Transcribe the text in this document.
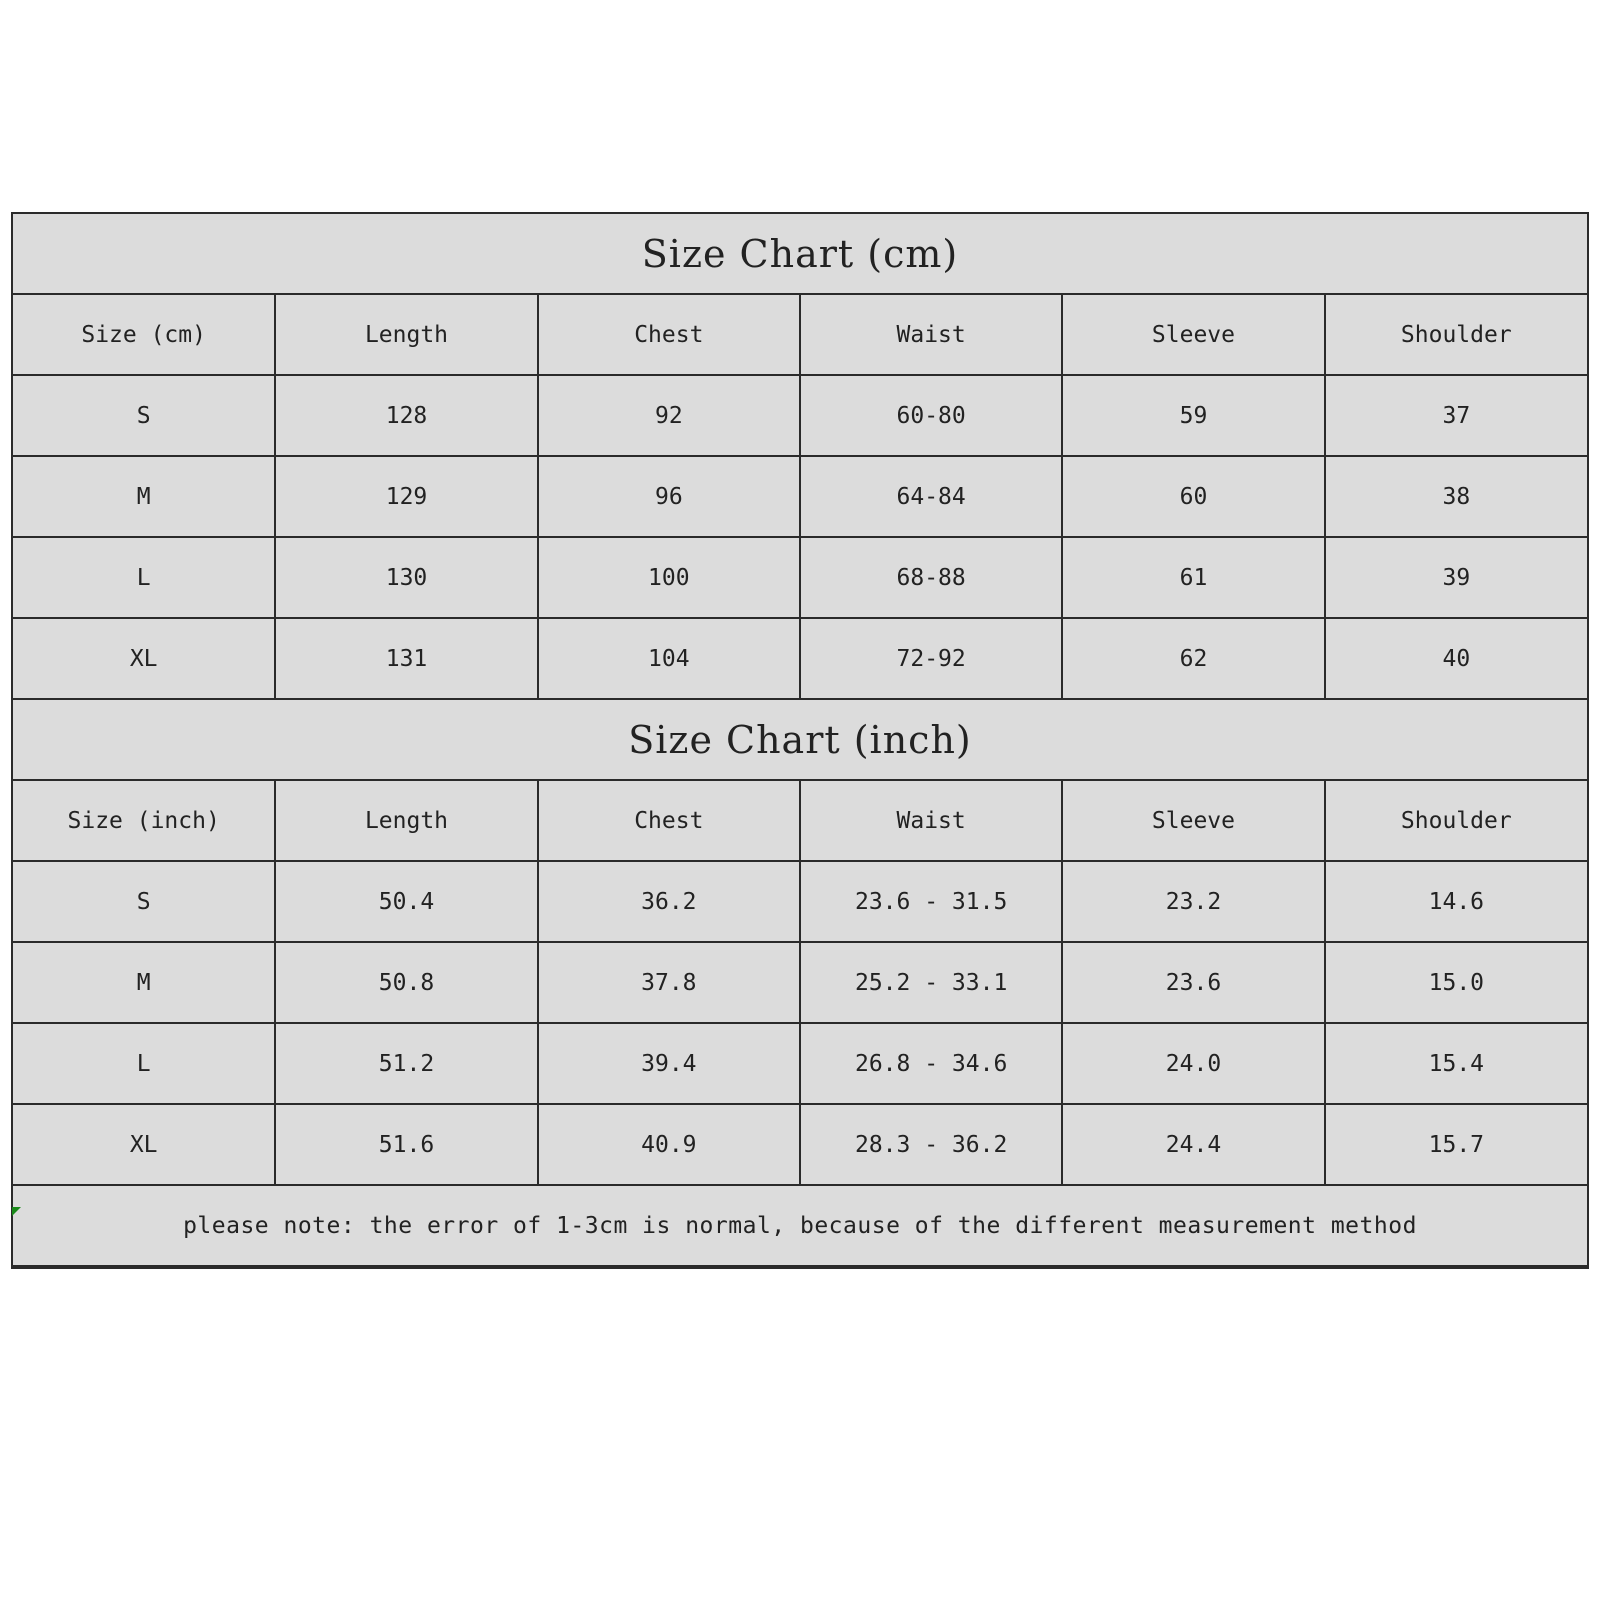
Size Chart (cm)					
Size (cm)	Length	Chest	Waist	Sleeve	Shoulder
S	128	92	60-80	59	37
M	129	96	64-84	60	38
L	130	100	68-88	61	39
XL	131	104	72-92	62	40
Size Chart (inch)					
Size (inch)	Length	Chest	Waist	Sleeve	Shoulder
S	50.4	36.2	23.6 - 31.5	23.2	14.6
M	50.8	37.8	25.2 - 33.1	23.6	15.0
L	51.2	39.4	26.8 - 34.6	24.0	15.4
XL	51.6	40.9	28.3 - 36.2	24.4	15.7
please note: the error of 1-3cm is normal, because of the different measurement method					
